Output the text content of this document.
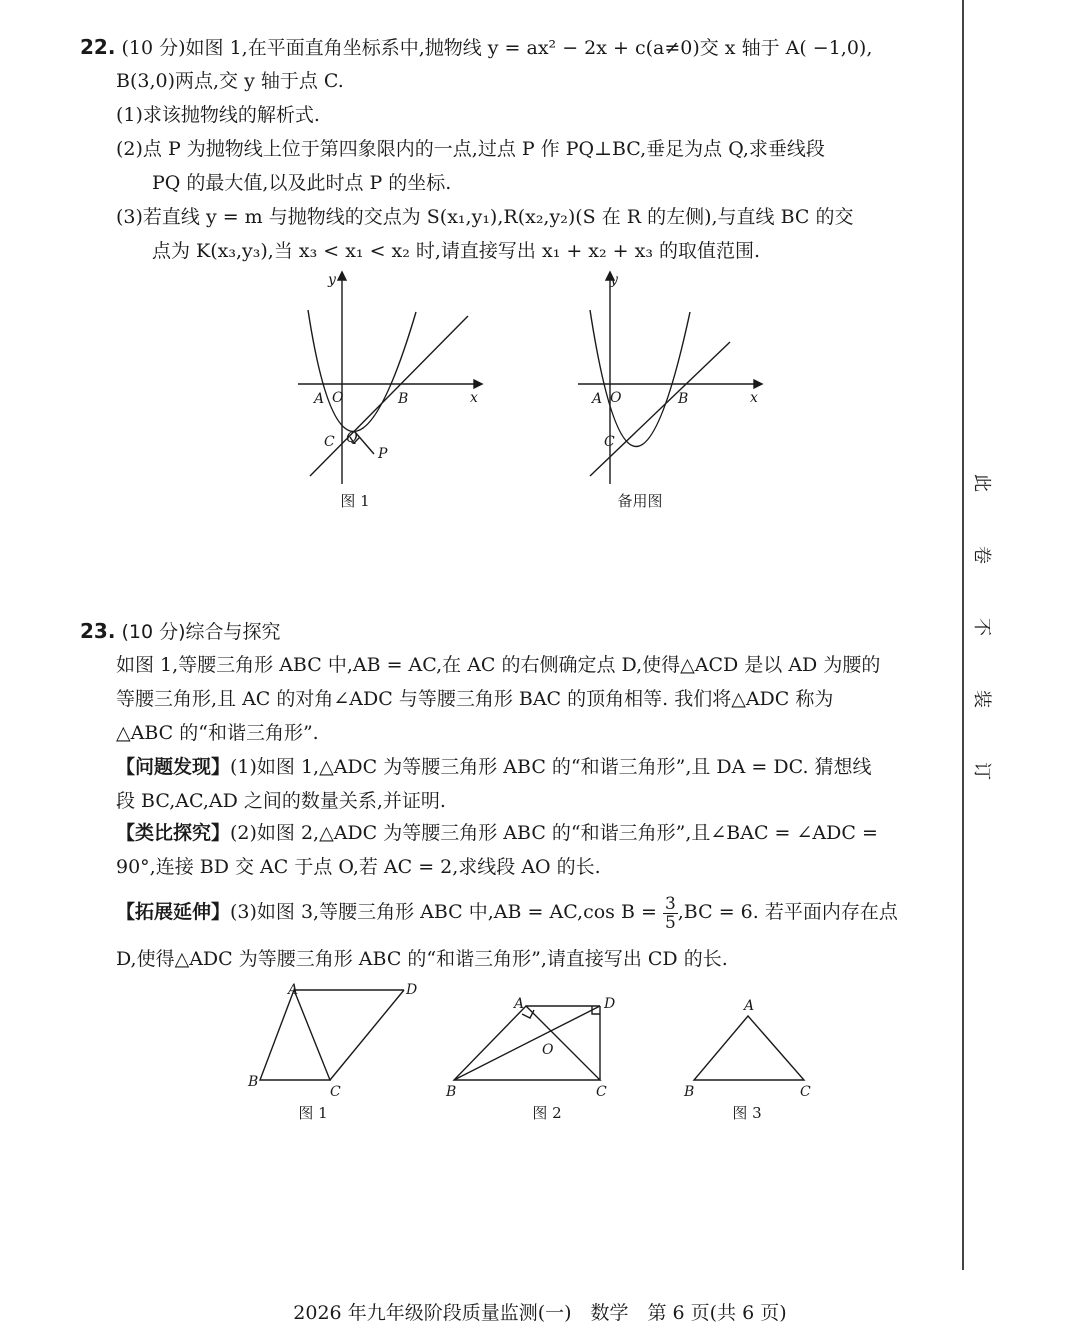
22. (10 分)如图 1,在平面直角坐标系中,抛物线 y = ax² − 2x + c(a≠0)交 x 轴于 A( −1,0),
B(3,0)两点,交 y 轴于点 C.
(1)求该抛物线的解析式.
(2)点 P 为抛物线上位于第四象限内的一点,过点 P 作 PQ⊥BC,垂足为点 Q,求垂线段
PQ 的最大值,以及此时点 P 的坐标.
(3)若直线 y = m 与抛物线的交点为 S(x₁,y₁),R(x₂,y₂)(S 在 R 的左侧),与直线 BC 的交
点为 K(x₃,y₃),当 x₃ < x₁ < x₂ 时,请直接写出 x₁ + x₂ + x₃ 的取值范围.
A O	B
C Q
P
y
x
图 1
A O	B
C
y
x
备用图
23. (10 分)综合与探究
如图 1,等腰三角形 ABC 中,AB = AC,在 AC 的右侧确定点 D,使得△ACD 是以 AD 为腰的
等腰三角形,且 AC 的对角∠ADC 与等腰三角形 BAC 的顶角相等. 我们将△ADC 称为
△ABC 的“和谐三角形”.
【问题发现】(1)如图 1,△ADC 为等腰三角形 ABC 的“和谐三角形”,且 DA = DC. 猜想线
段 BC,AC,AD 之间的数量关系,并证明.
【类比探究】(2)如图 2,△ADC 为等腰三角形 ABC 的“和谐三角形”,且∠BAC = ∠ADC =
90°,连接 BD 交 AC 于点 O,若 AC = 2,求线段 AO 的长.
【拓展延伸】(3)如图 3,等腰三角形 ABC 中,AB = AC,cos $B = \frac{3}{5} ,BC = 6$. 若平面内存在点
D,使得△ADC 为等腰三角形 ABC 的“和谐三角形”,请直接写出 CD 的长.
A	D
B
C
图 1
A	D
O
B	C
图 2
A
B	C
图 3
此
卷
不
装
订
2026 年九年级阶段质量监测(一)　数学　第 6 页(共 6 页)
